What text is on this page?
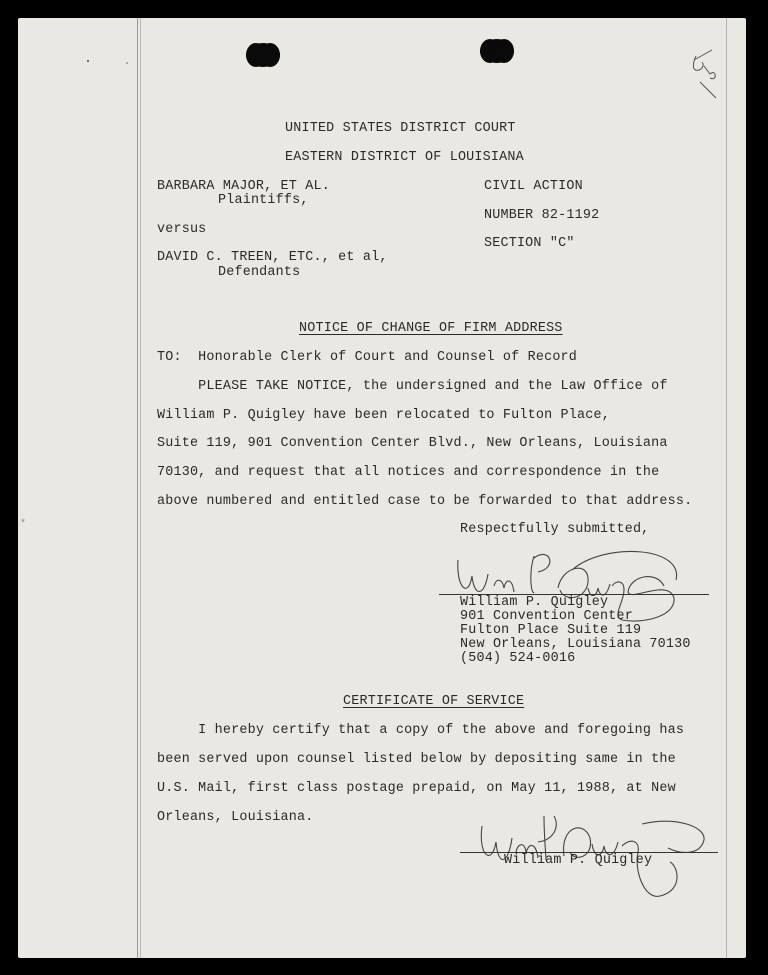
*
UNITED STATES DISTRICT COURT
EASTERN DISTRICT OF LOUISIANA
BARBARA MAJOR, ET AL.
Plaintiffs,
versus
DAVID C. TREEN, ETC., et al,
Defendants
CIVIL ACTION
NUMBER 82-1192
SECTION "C"
NOTICE OF CHANGE OF FIRM ADDRESS
TO:  Honorable Clerk of Court and Counsel of Record
PLEASE TAKE NOTICE, the undersigned and the Law Office of
William P. Quigley have been relocated to Fulton Place,
Suite 119, 901 Convention Center Blvd., New Orleans, Louisiana
70130, and request that all notices and correspondence in the
above numbered and entitled case to be forwarded to that address.
Respectfully submitted,
William P. Quigley
901 Convention Center
Fulton Place Suite 119
New Orleans, Louisiana 70130
(504) 524-0016
CERTIFICATE OF SERVICE
I hereby certify that a copy of the above and foregoing has
been served upon counsel listed below by depositing same in the
U.S. Mail, first class postage prepaid, on May 11, 1988, at New
Orleans, Louisiana.
William P. Quigley
